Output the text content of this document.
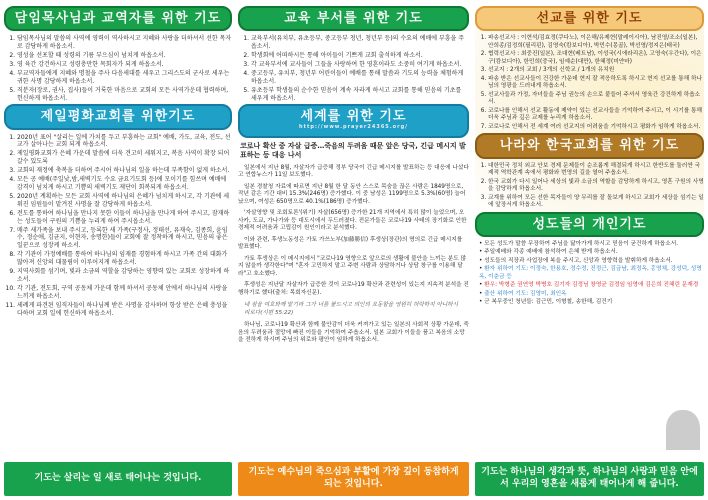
담임목사님과 교역자를 위한 기도
1. 담임목사님의 말씀의 사역에 영력이 역사하시고 지혜와 사랑을 더하셔서 선한 목자로 감당하게 하옵소서.
2. 영성을 선포할 때 성령의 기름 부으심이 넘치게 하옵소서.
3. 영 육간 강건하시고 성령충만한 목회자가 되게 하옵소서.
4. 부교역자들에게 지혜와 명철을 주사 다음세대를 세우고 그리스도의 군사로 세우는 귀한 사명 감당하게 하옵소서.
5. 직분자(장로, 권사, 집사)들이 거룩한 마음으로 교회의 모든 사역가운데 협력하며, 헌신하게 하옵소서.
제일평화교회를 위한기도
1. 2020년 표어 "살리는 일에 가치를 두고 부흥하는 교회" 예배, 가도, 교육, 전도, 선교가 살아나는 교회 되게 하옵소서.
2. 제일평화교회가 은혜 가운데 말씀에 더욱 견고히 세워지고, 복음 사역이 확장 되어 갈수 있도록
3. 교회의 재정에 축복을 더하여 주시어 하나님의 일을 하는데 부족함이 없게 하소서.
4. 모든 공 예배(주일낮,밤,새벽기도 수요 금요기도회 등)에 모이기를 힘쓰며 예배에 감격이 넘치게 하시고 기쁨의 새벽기도 제단이 회복되게 하옵소서.
5. 2020년 계획하는 모든 교회 사역에 하나님의 은혜가 넘치게 하시고, 각 기관에 세워진 임원들이 맡겨진 사명을 잘 감당하게 하옵소서.
6. 전도를 통하여 하나님을 만나지 못한 이들이 하나님을 만나게 하여 주시고, 잠재하는 성도들이 구원의 기쁨을 누리게 하여 주시옵소서.
7. 매주 새가족을 보내 주시고, 등록한 새 가족(구정사, 정태선, 유재숙, 김종희, 윤임수, 정순애, 김균지, 이현자, 송명한)들이 교회에 잘 정착하게 하시고, 믿음의 좋은 일꾼으로 성장케 하소서.
8. 각 기관이 가정예배를 통하여 하나님의 임재를 경험하게 하시고 가족 간의 대화가 많아져 신앙의 대물림이 이루어지게 하옵소서.
9. 지역사회를 섬기며, 빛과 소금의 역할을 감당하는 영향력 있는 교회로 성장하게 하소서.
10. 각 기관, 전도회, 구역 공동체 가운데 함께 하셔서 공동체 안에서 하나님의 사랑을 느끼게 하옵소서.
11. 세례게 파견된 임직자들이 하나님께 받은 사명을 감사하며 항상 받은 은혜 충성을 다하며 교회 일에 헌신하게 하옵소서.
기도는 살리는 일 새로 태어나는 것입니다.
교육 부서를 위한 기도
1. 교육부서(유치부, 유초등부, 중고등부 청년, 청년부 등)의 수요의 예배에 부흥을 주옵소서.
2. 학생회에 어떠하시든 통해 아이들이 기쁘게 교회 출석하게 하소서.
3. 각 교육부서에 교사들이 그들을 사랑하여 한 영혼이라도 소중히 여기게 하옵소서.
4. 중고등부, 유치부, 청년부 어린이들이 예배를 통해 말씀과 기도의 능력을 체험하게 하옵소서.
5. 유초등부 학생들의 순수한 믿음이 계속 자라게 하시고 교회를 통해 믿음의 기초를 세우게 하옵소서.
세계를 위한 기도
http://www.prayer24365.org/
코로나 확산 중 자살 급증…죽음의 두려움 때문 앞은 당국, 긴급 메시지 발표하는 등 대응 나서

일본에서 지난 8월, 자살자가 급증해 정부 당국이 긴급 메시지를 발표하는 등 대응에 나섰다고 연합뉴스가 11일 보도했다.

일본 경찰청 자료에 따르면 지난 8월 한 달 동안 스스로 목숨을 끊은 사람은 1849명으로, 작년 같은 기간 대비 15.3%(246명) 증가했다. 이 중 남성은 1199명으로 5.3%(60명) 늘어났으며, 여성은 650명으로 40.1%(186명) 증가했다.

'자살영향 및 조회토론'(위기) 자살(656명) 증가한 21개 지역에서 특히 많이 늘었으며, 오사카, 도쿄, 가나가와 등 대도시에서 두드러졌다. 전문가들은 코로나19 사태의 장기화로 인한 경제적 어려움과 고립감이 원인이라고 분석했다.

이와 관련, 후생노동성은 가토 가쓰노부(加藤勝信) 후생상(장관)의 명의로 긴급 메시지를 발표했다.

가토 후생상은 이 메시지에서 "코로나19 영향으로 앞으로의 생활에 불안을 느끼는 분도 많지 않을까 생각한다"며 "혼자 고민하지 말고 주변 사람과 상담하거나 상담 창구를 이용해 달라"고 호소했다.

후생성은 지난달 자살자가 급증한 것이 코로나19 확산과 관련성이 있는지 지속적 분석을 진행하기로 했다(출처: 목회자신문).

네 점을 여호와께 맡기라 그가 너를 붙드시고 의인의 요동함을 영원히 허락하지 아니하시리로다(시편 55:22)

하나님, 코로나19 확산과 함께 불안감이 더욱 커져가고 있는 일본의 사회적 상황 가운데, 죽음의 두려움과 절망에 빠진 이들을 기억하여 주옵소서. 일본 교회가 이들을 품고 복음의 소망을 전하게 하시며 주님의 위로와 평안이 임하게 하옵소서.

기도는 예수님의 죽으심과 부활에 가장 깊이 동참하게 되는 것입니다.
선교를 위한 기도
1. 파송선교사 : 이현석/김효정(쿠다노), 이은해/유제현(말레이시아), 남진영/조소(일본), 안희종/김정희(필리핀), 김영숙(캄보디아), 박민수(몽골), 박선영/정지은(태국)
2. 협력선교사 : 최중진(일본), 조대현(베트남), 이성국(시에라리온), 고영숙(우간다), 이은구(캄보디아), 한민희(중국), 임예순(대만), 한혜정(미얀마)
3. 선교지 : 2개의 교회 / 3개의 신학교 / 1개의 유치원
4. 파송 받은 선교사들이 건강한 가운데 현지 잘 적응하도록 하시고 현지 선교를 통해 하나님의 영광을 드러내게 하옵소서.
5. 선교사들과 가정, 자녀들을 주님 권능의 손으로 붙들어 주셔서 영육간 강건하게 하옵소서.
6. 코로나를 인해서 선교 활동에 제약이 있는 선교사들을 기억하여 주시고, 이 시기를 통해 더욱 주님과 깊은 교제를 누리게 하옵소서.
7. 코로나로 인해서 전 세계 여러 선교지의 어려움을 기억하시고 평화가 임하게 하옵소서.
나라와 한국교회를 위한 기도
1. 대한민국 정치 외교 안보 경제 문제들이 순조롭게 해결되게 하시고 한반도를 둘러싼 국제적 역학관계 속에서 평화와 번영의 길을 열어 주옵소서.
2. 한국 교회가 다시 일어나 세상의 빛과 소금의 역할을 감당하게 하시고, 영혼 구원의 사명을 감당하게 하옵소서.
3. 교계를 위하여 모든 선한 목자들이 양 무리를 잘 돌보게 하시고 교회가 세상을 섬기는 일에 앞장서게 하옵소서.
성도들의 개인기도
• 모든 성도가 말씀 무장하여 주님을 닮아가게 하시고 믿음이 굳건하게 하옵소서.
• 주일예배와 각종 예배에 참석하여 은혜 받게 하옵소서.
• 성도들의 직장과 사업장에 복을 주시고, 신앙과 영향력을 발휘하게 하옵소서.
• 환자 위하여 기도: 이정숙, 한용호, 정수정, 진정근, 김금남, 최정옥, 홍영채, 강성덕, 성명옥, 이춘금 등
• 환우: 박형준 권연영 박병호 김기자 김정님 창영균 김정임 임영애 김은희 진혜린 문재경
• 출산 위하여 기도: 김영미, 최인옥
• 군 복무중인 청년들: 김근민, 이형철, 송한해, 김건기
기도는 하나님의 생각과 뜻, 하나님의 사랑과 믿음 안에서 우리의 영혼을 새롭게 태어나게 해 줍니다.
